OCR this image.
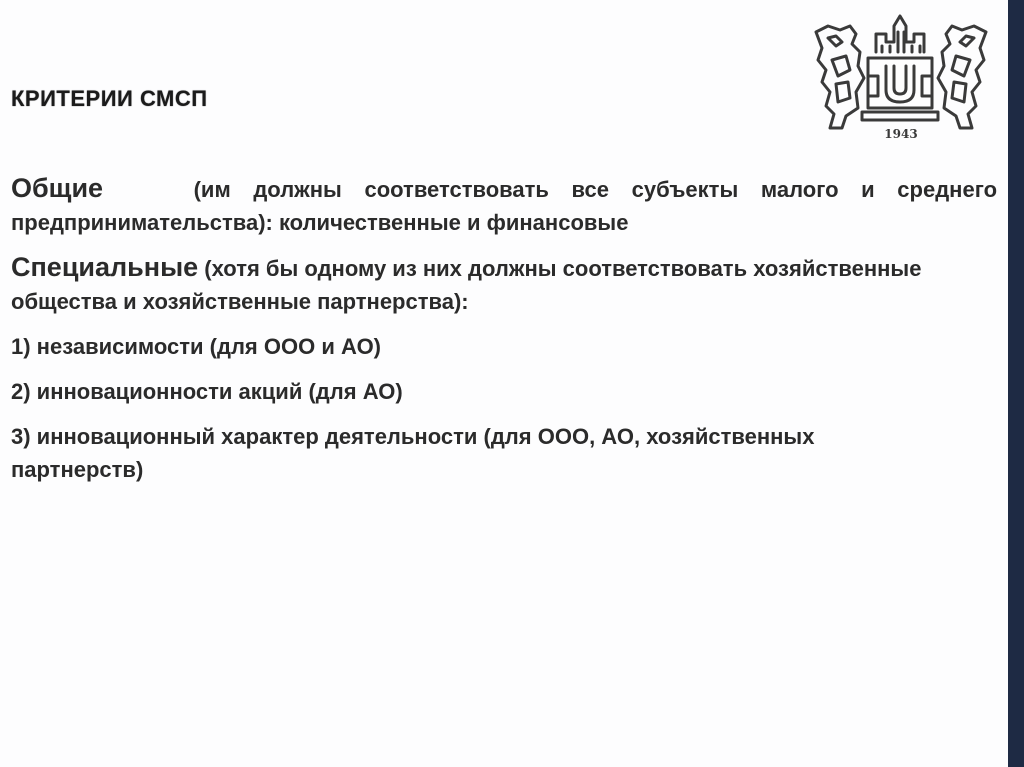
КРИТЕРИИ СМСП
1943

Общие	(им должны соответствовать все субъекты малого и среднего предпринимательства): количественные и финансовые

Специальные (хотя бы одному из них должны соответствовать хозяйственные общества и хозяйственные партнерства):

1) независимости (для ООО и АО)
2) инновационности акций (для АО)
3) инновационный характер деятельности (для ООО, АО, хозяйственных партнерств)
